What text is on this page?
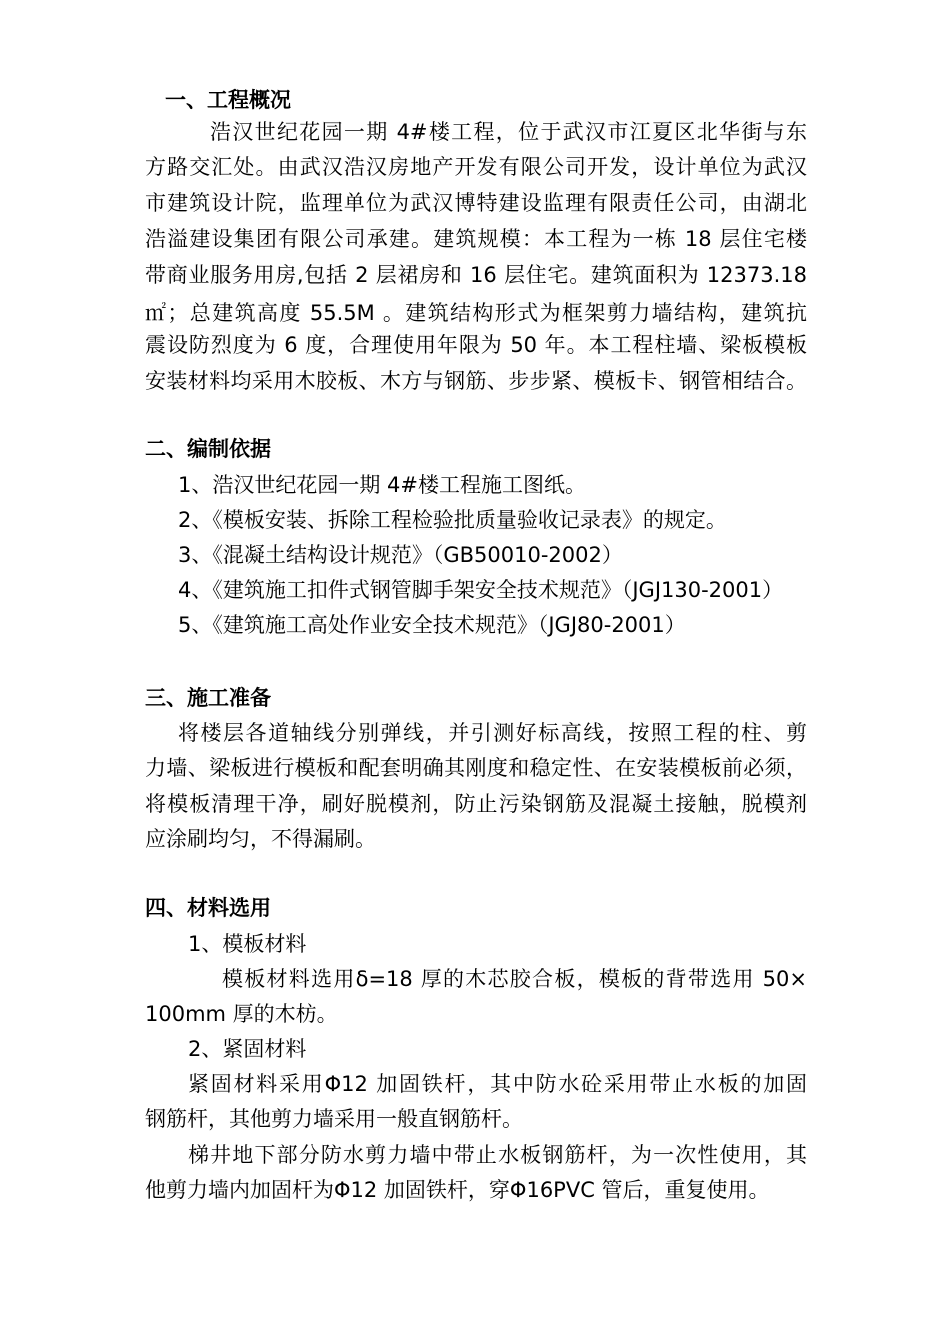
一、工程概况
浩汉世纪花园一期 4#楼工程，位于武汉市江夏区北华街与东
方路交汇处。由武汉浩汉房地产开发有限公司开发，设计单位为武汉
市建筑设计院，监理单位为武汉博特建设监理有限责任公司，由湖北
浩溢建设集团有限公司承建。建筑规模：本工程为一栋 18 层住宅楼
带商业服务用房,包括 2 层裙房和 16 层住宅。建筑面积为 12373.18
㎡；总建筑高度 55.5M 。建筑结构形式为框架剪力墙结构，建筑抗
震设防烈度为 6 度，合理使用年限为 50 年。本工程柱墙、梁板模板
安装材料均采用木胶板、木方与钢筋、步步紧、模板卡、钢管相结合。
二、编制依据
1、浩汉世纪花园一期 4#楼工程施工图纸。
2、《模板安装、拆除工程检验批质量验收记录表》的规定。
3、《混凝土结构设计规范》（GB50010-2002）
4、《建筑施工扣件式钢管脚手架安全技术规范》（JGJ130-2001）
5、《建筑施工高处作业安全技术规范》（JGJ80-2001）
三、施工准备
将楼层各道轴线分别弹线，并引测好标高线，按照工程的柱、剪
力墙、梁板进行模板和配套明确其刚度和稳定性、在安装模板前必须，
将模板清理干净，刷好脱模剂，防止污染钢筋及混凝土接触，脱模剂
应涂刷均匀，不得漏刷。
四、材料选用
1、模板材料
模板材料选用δ=18 厚的木芯胶合板，模板的背带选用 50×
100mm 厚的木枋。
2、紧固材料
紧固材料采用Φ12 加固铁杆，其中防水砼采用带止水板的加固
钢筋杆，其他剪力墙采用一般直钢筋杆。
梯井地下部分防水剪力墙中带止水板钢筋杆，为一次性使用，其
他剪力墙内加固杆为Φ12 加固铁杆，穿Φ16PVC 管后，重复使用。
